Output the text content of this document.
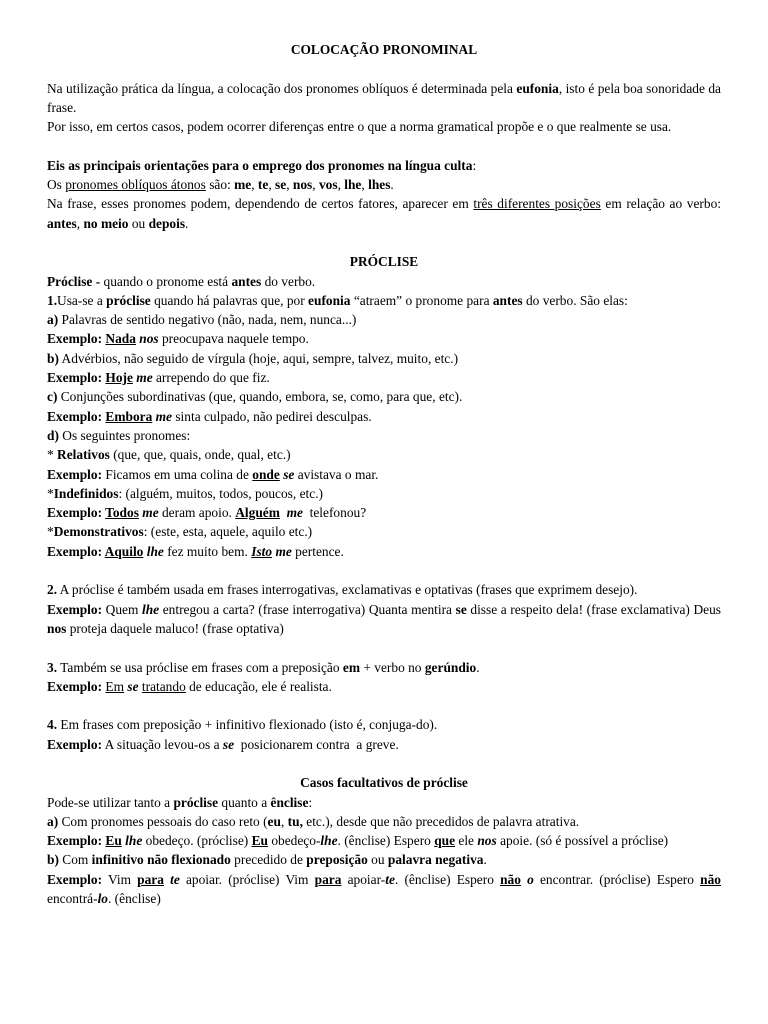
COLOCAÇÃO PRONOMINAL

Na utilização prática da língua, a colocação dos pronomes oblíquos é determinada pela eufonia, isto é pela boa sonoridade da frase.

Por isso, em certos casos, podem ocorrer diferenças entre o que a norma gramatical propõe e o que realmente se usa.

Eis as principais orientações para o emprego dos pronomes na língua culta:

Os pronomes oblíquos átonos são: me, te, se, nos, vos, lhe, lhes.

Na frase, esses pronomes podem, dependendo de certos fatores, aparecer em três diferentes posições em relação ao verbo: antes, no meio ou depois.

PRÓCLISE

Próclise - quando o pronome está antes do verbo.

1.Usa-se a próclise quando há palavras que, por eufonia “atraem” o pronome para antes do verbo. São elas:

a) Palavras de sentido negativo (não, nada, nem, nunca...)

Exemplo: Nada nos preocupava naquele tempo.

b) Advérbios, não seguido de vírgula (hoje, aqui, sempre, talvez, muito, etc.)

Exemplo: Hoje me arrependo do que fiz.

c) Conjunções subordinativas (que, quando, embora, se, como, para que, etc).

Exemplo: Embora me sinta culpado, não pedirei desculpas.

d) Os seguintes pronomes:

* Relativos (que, que, quais, onde, qual, etc.)

Exemplo: Ficamos em uma colina de onde se avistava o mar.

*Indefinidos: (alguém, muitos, todos, poucos, etc.)

Exemplo: Todos me deram apoio. Alguém me  telefonou?

*Demonstrativos: (este, esta, aquele, aquilo etc.)

Exemplo: Aquilo lhe fez muito bem. Isto me pertence.

2. A próclise é também usada em frases interrogativas, exclamativas e optativas (frases que exprimem desejo).

Exemplo: Quem lhe entregou a carta? (frase interrogativa) Quanta mentira se disse a respeito dela! (frase exclamativa) Deus nos proteja daquele maluco! (frase optativa)

3. Também se usa próclise em frases com a preposição em + verbo no gerúndio.

Exemplo: Em se tratando de educação, ele é realista.

4. Em frases com preposição + infinitivo flexionado (isto é, conjuga-do).

Exemplo: A situação levou-os a se  posicionarem contra  a greve.

Casos facultativos de próclise

Pode-se utilizar tanto a próclise quanto a ênclise:

a) Com pronomes pessoais do caso reto (eu, tu, etc.), desde que não precedidos de palavra atrativa.

Exemplo: Eu lhe obedeço. (próclise) Eu obedeço-lhe. (ênclise) Espero que ele nos apoie. (só é possível a próclise)

b) Com infinitivo não flexionado precedido de preposição ou palavra negativa.

Exemplo: Vim para te apoiar. (próclise) Vim para apoiar-te. (ênclise) Espero não o encontrar. (próclise) Espero não encontrá-lo. (ênclise)
